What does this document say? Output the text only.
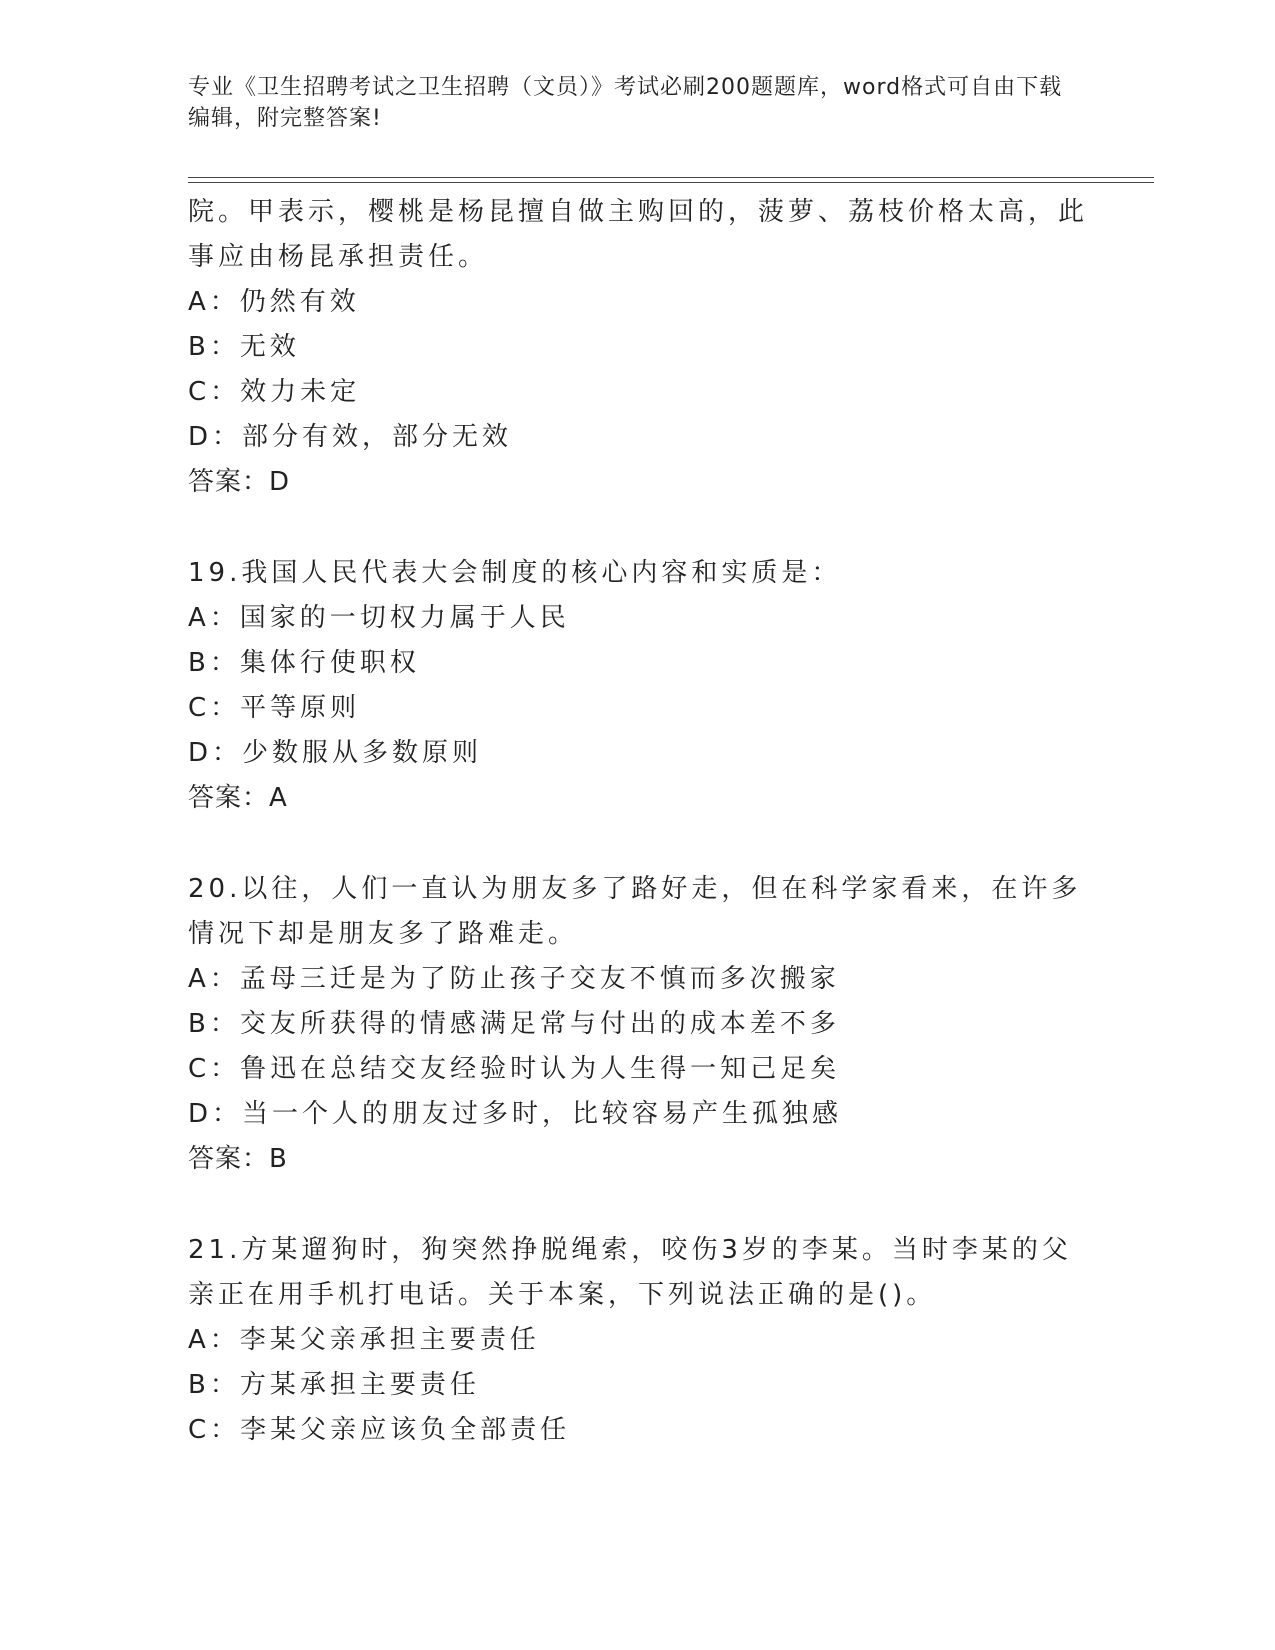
专业《卫生招聘考试之卫生招聘（文员）》考试必刷200题题库，word格式可自由下载编辑，附完整答案!

院。甲表示，樱桃是杨昆擅自做主购回的，菠萝、荔枝价格太高，此事应由杨昆承担责任。

A：仍然有效
B：无效
C：效力未定
D：部分有效，部分无效
答案：D

19.我国人民代表大会制度的核心内容和实质是：

A：国家的一切权力属于人民
B：集体行使职权
C：平等原则
D：少数服从多数原则
答案：A

20.以往，人们一直认为朋友多了路好走，但在科学家看来，在许多情况下却是朋友多了路难走。

A：孟母三迁是为了防止孩子交友不慎而多次搬家
B：交友所获得的情感满足常与付出的成本差不多
C：鲁迅在总结交友经验时认为人生得一知己足矣
D：当一个人的朋友过多时，比较容易产生孤独感
答案：B

21.方某遛狗时，狗突然挣脱绳索，咬伤3岁的李某。当时李某的父亲正在用手机打电话。关于本案，下列说法正确的是()。

A：李某父亲承担主要责任
B：方某承担主要责任
C：李某父亲应该负全部责任
